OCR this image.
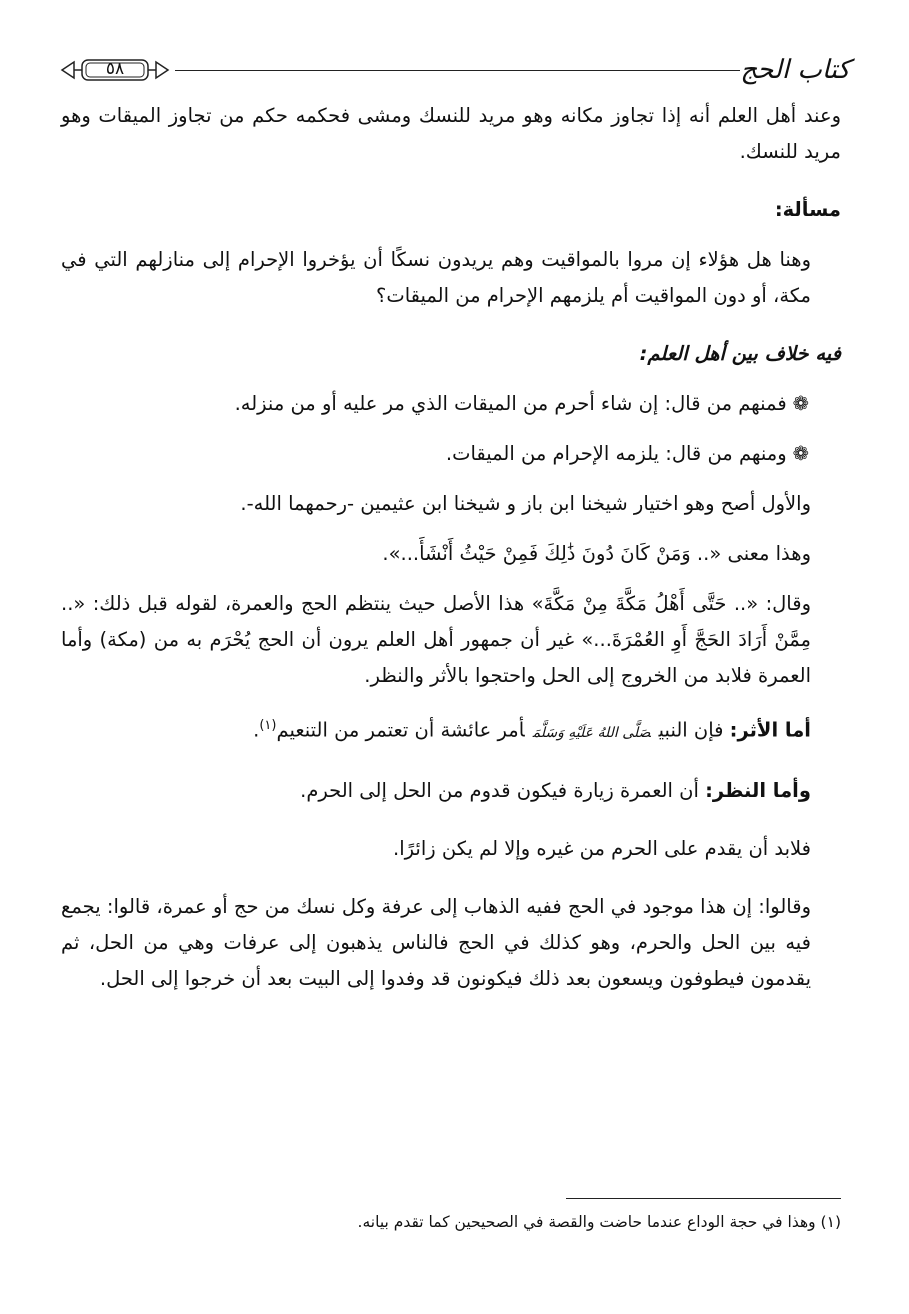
كتاب الحج
٥٨

وعند أهل العلم أنه إذا تجاوز مكانه وهو مريد للنسك ومشى فحكمه حكم من تجاوز الميقات وهو مريد للنسك.

مسألة:

وهنا هل هؤلاء إن مروا بالمواقيت وهم يريدون نسكًا أن يؤخروا الإحرام إلى منازلهم التي في مكة، أو دون المواقيت أم يلزمهم الإحرام من الميقات؟

فيه خلاف بين أهل العلم:

❁فمنهم من قال: إن شاء أحرم من الميقات الذي مر عليه أو من منزله.

❁ومنهم من قال: يلزمه الإحرام من الميقات.

والأول أصح وهو اختيار شيخنا ابن باز و شيخنا ابن عثيمين -رحمهما الله-.

وهذا معنى «.. وَمَنْ كَانَ دُونَ ذَٰلِكَ فَمِنْ حَيْثُ أَنْشَأَ...».

وقال: «.. حَتَّى أَهْلُ مَكَّةَ مِنْ مَكَّةَ» هذا الأصل حيث ينتظم الحج والعمرة، لقوله قبل ذلك: «.. مِمَّنْ أَرَادَ الحَجَّ أَوِ العُمْرَةَ...» غير أن جمهور أهل العلم يرون أن الحج يُحْرَم به من (مكة) وأما العمرة فلابد من الخروج إلى الحل واحتجوا بالأثر والنظر.

أما الأثر: فإن النبيصَلَّى اللهُ عَلَيْهِ وَسَلَّمَأمر عائشة أن تعتمر من التنعيم$^{(١)}$.

وأما النظر: أن العمرة زيارة فيكون قدوم من الحل إلى الحرم.

فلابد أن يقدم على الحرم من غيره وإلا لم يكن زائرًا.

وقالوا: إن هذا موجود في الحج ففيه الذهاب إلى عرفة وكل نسك من حج أو عمرة، قالوا: يجمع فيه بين الحل والحرم، وهو كذلك في الحج فالناس يذهبون إلى عرفات وهي من الحل، ثم يقدمون فيطوفون ويسعون بعد ذلك فيكونون قد وفدوا إلى البيت بعد أن خرجوا إلى الحل.

(١) وهذا في حجة الوداع عندما حاضت والقصة في الصحيحين كما تقدم بيانه.
